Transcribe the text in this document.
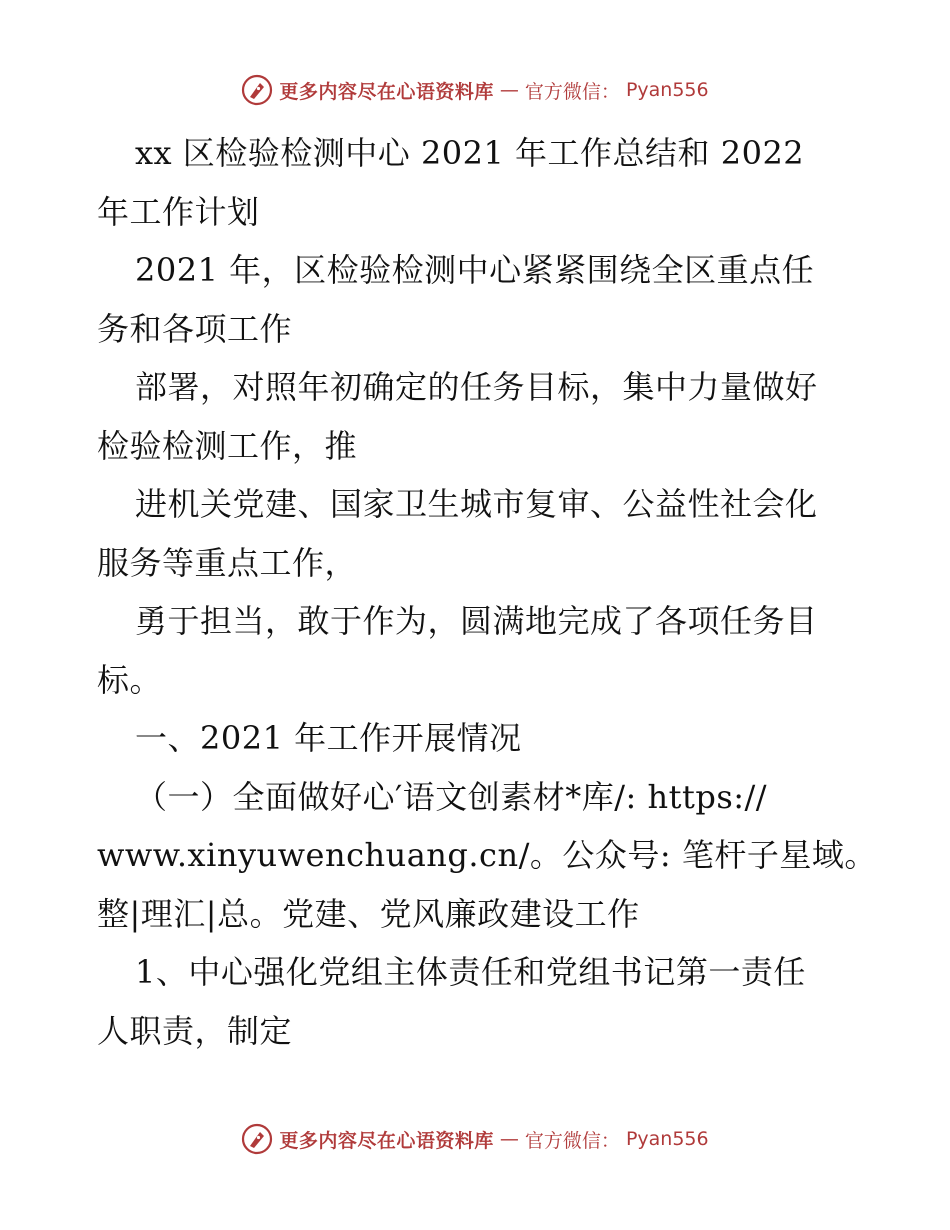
更多内容尽在心语资料库 — 官方微信： Pyan556
xx 区检验检测中心 2021 年工作总结和 2022
年工作计划
2021 年，区检验检测中心紧紧围绕全区重点任
务和各项工作
部署，对照年初确定的任务目标，集中力量做好
检验检测工作，推
进机关党建、国家卫生城市复审、公益性社会化
服务等重点工作，
勇于担当，敢于作为，圆满地完成了各项任务目
标。
一、2021 年工作开展情况
（一）全面做好心′语文创素材*库/: https://
www.xinyuwenchuang.cn/。公众号: 笔杆子星域。
整|理汇|总。党建、党风廉政建设工作
1、中心强化党组主体责任和党组书记第一责任
人职责，制定
更多内容尽在心语资料库 — 官方微信： Pyan556
